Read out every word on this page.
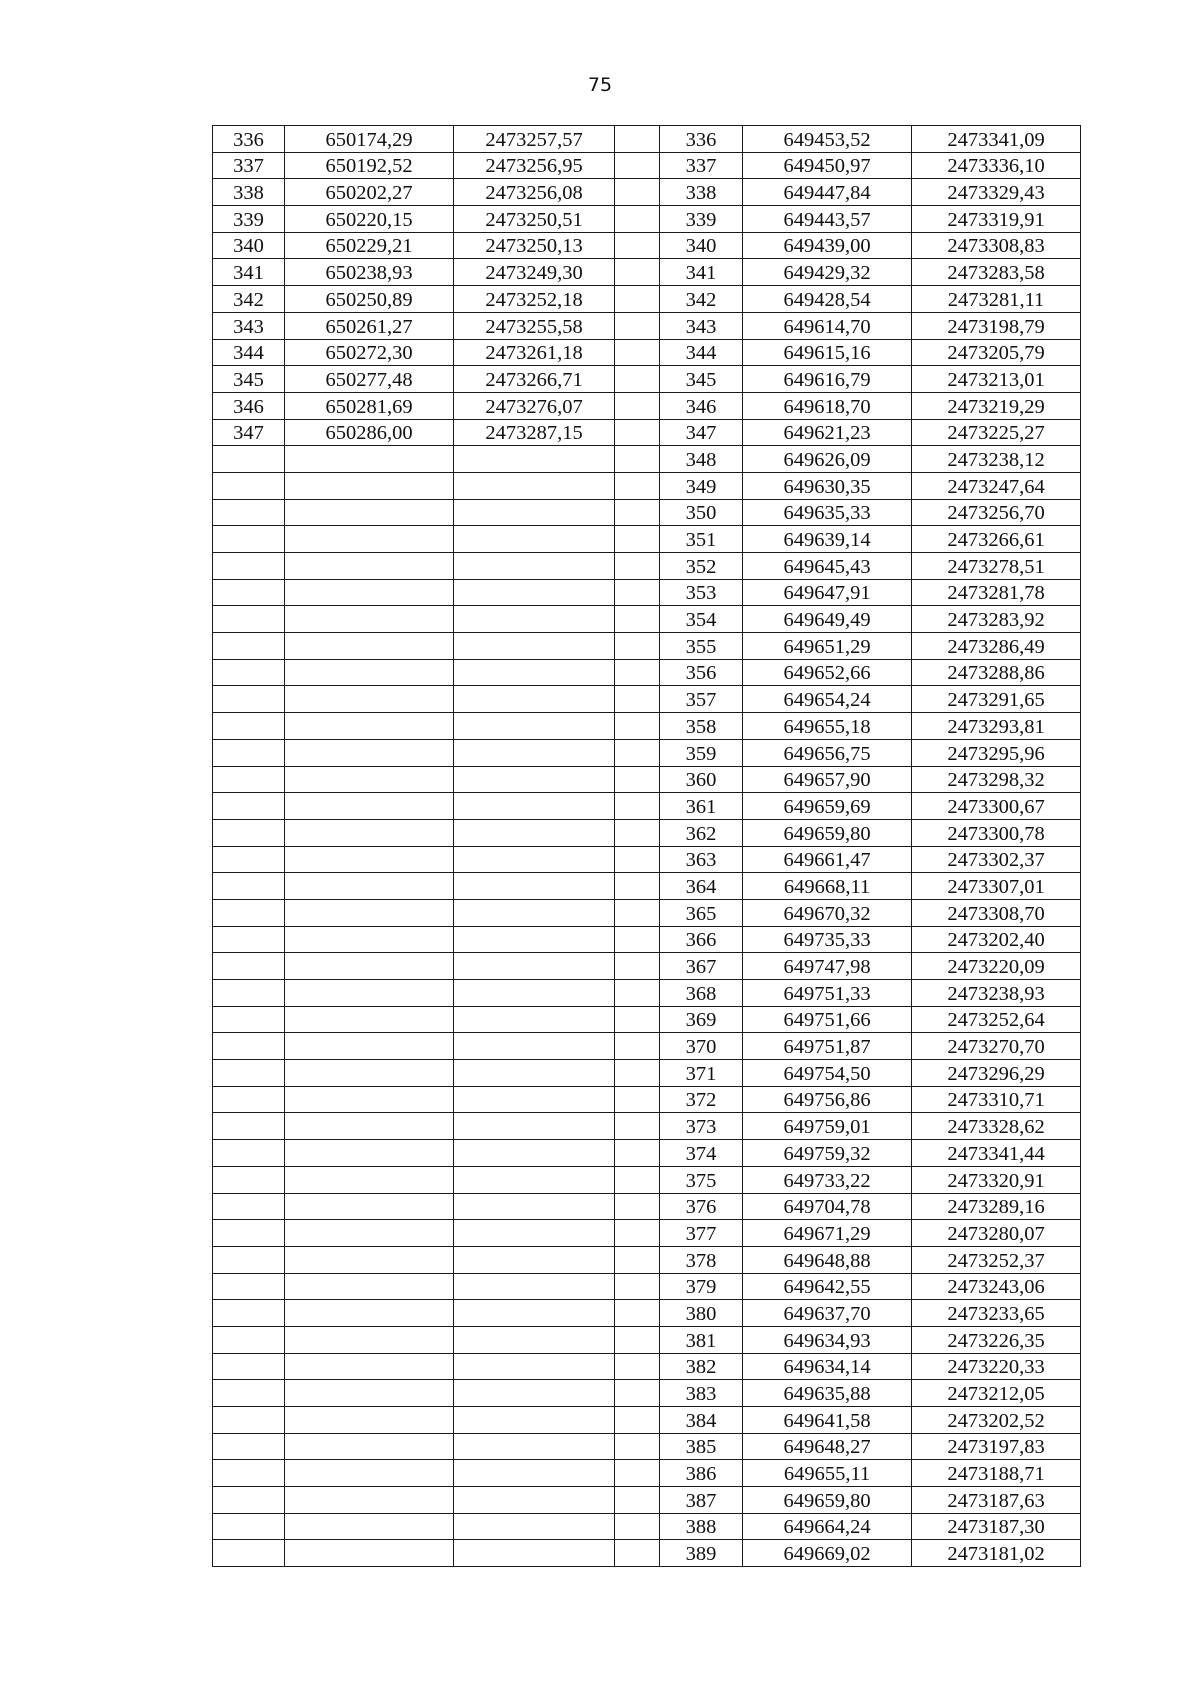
75
336	650174,29	2473257,57		336	649453,52	2473341,09
337	650192,52	2473256,95		337	649450,97	2473336,10
338	650202,27	2473256,08		338	649447,84	2473329,43
339	650220,15	2473250,51		339	649443,57	2473319,91
340	650229,21	2473250,13		340	649439,00	2473308,83
341	650238,93	2473249,30		341	649429,32	2473283,58
342	650250,89	2473252,18		342	649428,54	2473281,11
343	650261,27	2473255,58		343	649614,70	2473198,79
344	650272,30	2473261,18		344	649615,16	2473205,79
345	650277,48	2473266,71		345	649616,79	2473213,01
346	650281,69	2473276,07		346	649618,70	2473219,29
347	650286,00	2473287,15		347	649621,23	2473225,27
				348	649626,09	2473238,12
				349	649630,35	2473247,64
				350	649635,33	2473256,70
				351	649639,14	2473266,61
				352	649645,43	2473278,51
				353	649647,91	2473281,78
				354	649649,49	2473283,92
				355	649651,29	2473286,49
				356	649652,66	2473288,86
				357	649654,24	2473291,65
				358	649655,18	2473293,81
				359	649656,75	2473295,96
				360	649657,90	2473298,32
				361	649659,69	2473300,67
				362	649659,80	2473300,78
				363	649661,47	2473302,37
				364	649668,11	2473307,01
				365	649670,32	2473308,70
				366	649735,33	2473202,40
				367	649747,98	2473220,09
				368	649751,33	2473238,93
				369	649751,66	2473252,64
				370	649751,87	2473270,70
				371	649754,50	2473296,29
				372	649756,86	2473310,71
				373	649759,01	2473328,62
				374	649759,32	2473341,44
				375	649733,22	2473320,91
				376	649704,78	2473289,16
				377	649671,29	2473280,07
				378	649648,88	2473252,37
				379	649642,55	2473243,06
				380	649637,70	2473233,65
				381	649634,93	2473226,35
				382	649634,14	2473220,33
				383	649635,88	2473212,05
				384	649641,58	2473202,52
				385	649648,27	2473197,83
				386	649655,11	2473188,71
				387	649659,80	2473187,63
				388	649664,24	2473187,30
				389	649669,02	2473181,02
